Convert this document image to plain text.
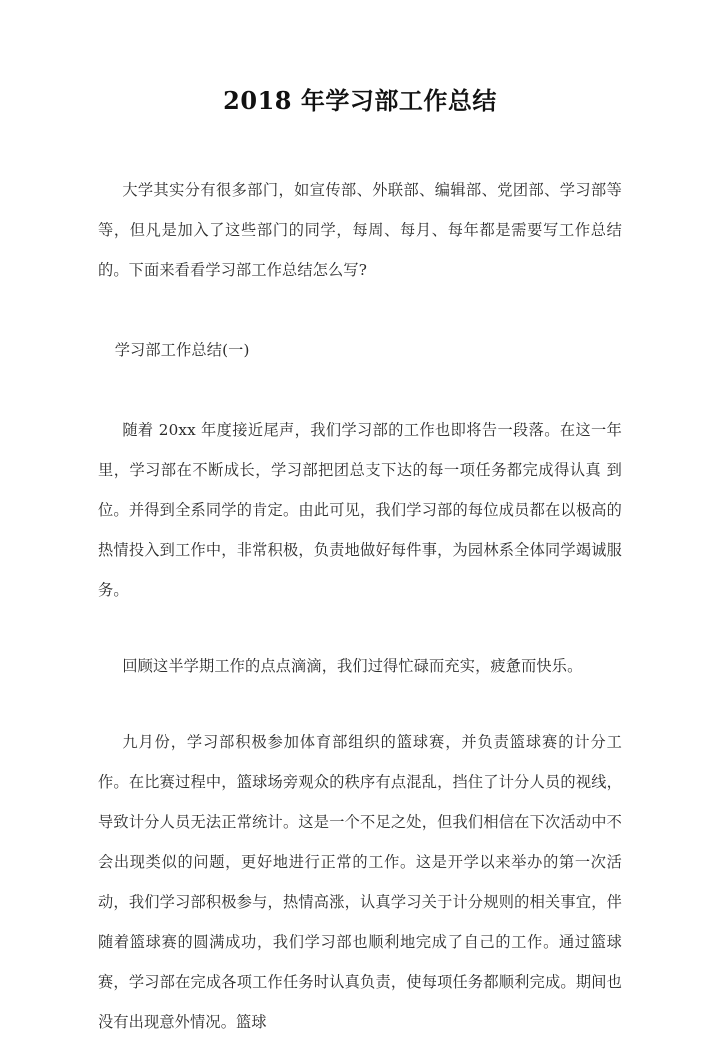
2018 年学习部工作总结

大学其实分有很多部门，如宣传部、外联部、编辑部、党团部、学习部等等，但凡是加入了这些部门的同学，每周、每月、每年都是需要写工作总结的。下面来看看学习部工作总结怎么写?

学习部工作总结(一)

随着 20xx 年度接近尾声，我们学习部的工作也即将告一段落。在这一年里，学习部在不断成长，学习部把团总支下达的每一项任务都完成得认真 到位。并得到全系同学的肯定。由此可见，我们学习部的每位成员都在以极高的热情投入到工作中，非常积极，负责地做好每件事，为园林系全体同学竭诚服务。

回顾这半学期工作的点点滴滴，我们过得忙碌而充实，疲惫而快乐。

九月份，学习部积极参加体育部组织的篮球赛，并负责篮球赛的计分工作。在比赛过程中，篮球场旁观众的秩序有点混乱，挡住了计分人员的视线，导致计分人员无法正常统计。这是一个不足之处，但我们相信在下次活动中不会出现类似的问题，更好地进行正常的工作。这是开学以来举办的第一次活动，我们学习部积极参与，热情高涨，认真学习关于计分规则的相关事宜，伴随着篮球赛的圆满成功，我们学习部也顺利地完成了自己的工作。通过篮球赛，学习部在完成各项工作任务时认真负责，使每项任务都顺利完成。期间也没有出现意外情况。篮球
